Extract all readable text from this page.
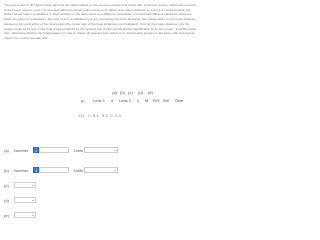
The lens system in the figure (Note figure 6) the object stands on the common central axis of two thin, symmetric lenses, which are mounted in the boxed regions. Lens 1 is mounted within the boxed region closer to O, which is an object distance p₁. Lens 2 is mounted within the farther boxed region, at distance d. Each problem in the table refers to a different combination of lenses and different values for distances, which are given in centimeters. The type of lens is indicated by C for converging and D for diverging; the number after C or D is the distance between a lens and either of the focal points (the proper sign of the focal distance is not indicated). Find (a) the image distance i₂ for the image produced by lens 2 (the final image produced by the system) and (b) the overall lateral magnification M for the system, including signs. Also, determine whether the final image is (c) real or virtual, (d) inverted from object O or noninverted, and (e) on the same side of lens 2 as object O or on the opposite side.
(a) (b) (c) (d) (e)
p₁ Lens 1 d Lens 2 i₂ M R/V I/NI Side
+17 C, 8.1 9.3 C, 2.3
(a) Number i	Units
(b) Number i	Units
(c)
(d)
(e)
